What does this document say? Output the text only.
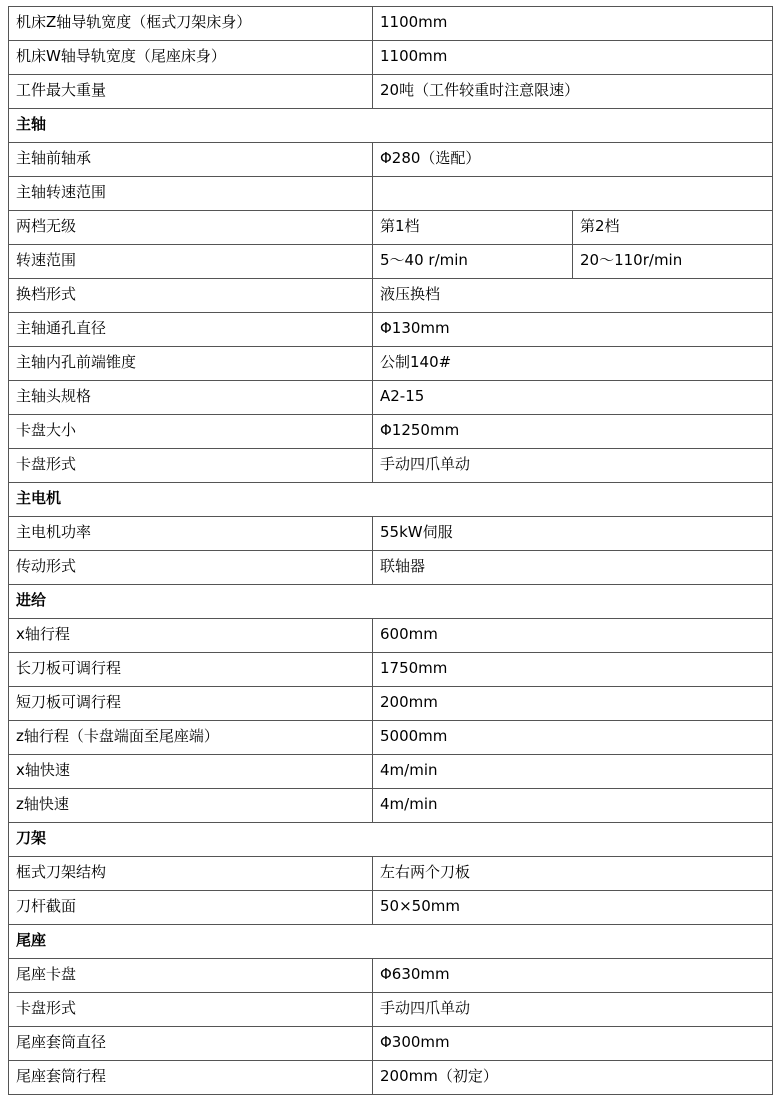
机床Z轴导轨宽度（框式刀架床身）	1100mm	
机床W轴导轨宽度（尾座床身）	1100mm	
工件最大重量	20吨（工件较重时注意限速）	
主轴		
主轴前轴承	Φ280（选配）	
主轴转速范围		
两档无级	第1档	第2档
转速范围	5～40 r/min	20～110r/min
换档形式	液压换档	
主轴通孔直径	Φ130mm	
主轴内孔前端锥度	公制140#	
主轴头规格	A2-15	
卡盘大小	Φ1250mm	
卡盘形式	手动四爪单动	
主电机		
主电机功率	55kW伺服	
传动形式	联轴器	
进给		
x轴行程	600mm	
长刀板可调行程	1750mm	
短刀板可调行程	200mm	
z轴行程（卡盘端面至尾座端）	5000mm	
x轴快速	4m/min	
z轴快速	4m/min	
刀架		
框式刀架结构	左右两个刀板	
刀杆截面	50×50mm	
尾座		
尾座卡盘	Φ630mm	
卡盘形式	手动四爪单动	
尾座套筒直径	Φ300mm	
尾座套筒行程	200mm（初定）	
